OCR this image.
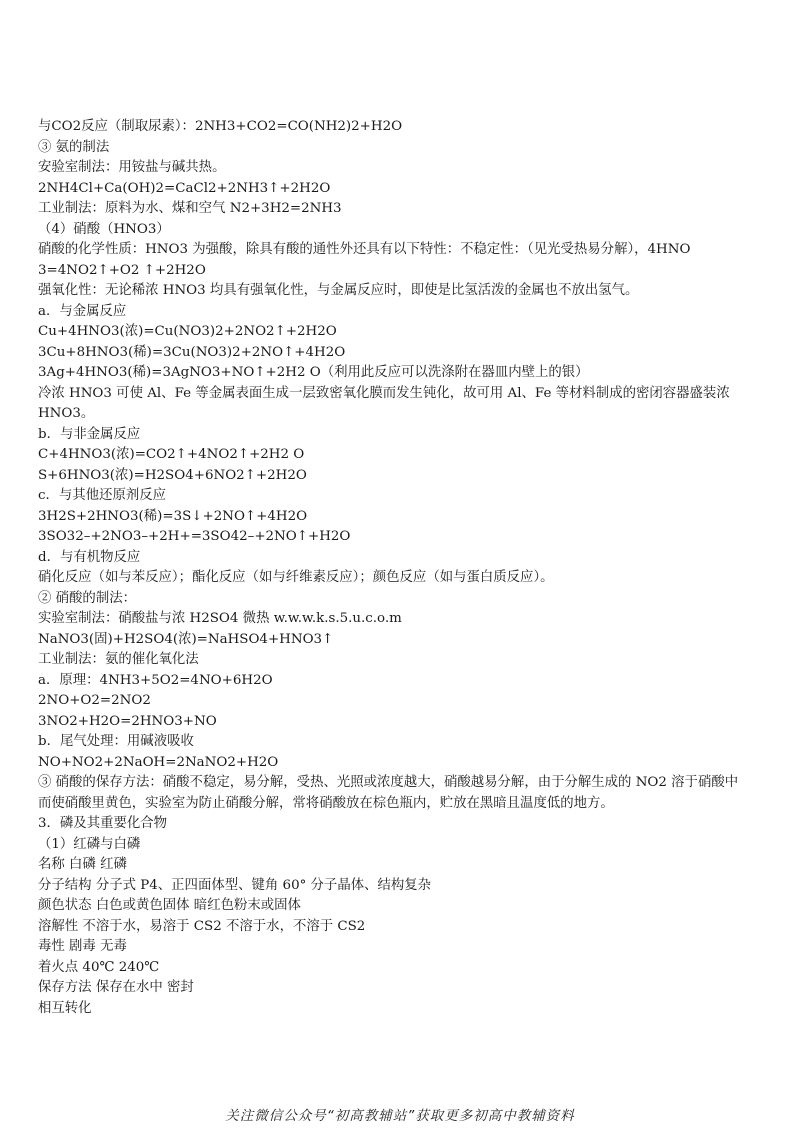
与CO2反应（制取尿素）：2NH3+CO2=CO(NH2)2+H2O
③ 氨的制法
安验室制法：用铵盐与碱共热。
2NH4Cl+Ca(OH)2=CaCl2+2NH3↑+2H2O
工业制法：原料为水、煤和空气 N2+3H2=2NH3
（4）硝酸（HNO3）
硝酸的化学性质：HNO3 为强酸，除具有酸的通性外还具有以下特性：不稳定性：（见光受热易分解），4HNO
3=4NO2↑+O2 ↑+2H2O
强氧化性：无论稀浓 HNO3 均具有强氧化性，与金属反应时，即使是比氢活泼的金属也不放出氢气。
a．与金属反应
Cu+4HNO3(浓)=Cu(NO3)2+2NO2↑+2H2O
3Cu+8HNO3(稀)=3Cu(NO3)2+2NO↑+4H2O
3Ag+4HNO3(稀)=3AgNO3+NO↑+2H2 O（利用此反应可以洗涤附在器皿内壁上的银）
冷浓 HNO3 可使 Al、Fe 等金属表面生成一层致密氧化膜而发生钝化，故可用 Al、Fe 等材料制成的密闭容器盛装浓
HNO3。
b．与非金属反应
C+4HNO3(浓)=CO2↑+4NO2↑+2H2 O
S+6HNO3(浓)=H2SO4+6NO2↑+2H2O
c．与其他还原剂反应
3H2S+2HNO3(稀)=3S↓+2NO↑+4H2O
3SO32–+2NO3–+2H+=3SO42–+2NO↑+H2O
d．与有机物反应
硝化反应（如与苯反应）；酯化反应（如与纤维素反应）；颜色反应（如与蛋白质反应）。
② 硝酸的制法：
实验室制法：硝酸盐与浓 H2SO4 微热 w.w.w.k.s.5.u.c.o.m
NaNO3(固)+H2SO4(浓)=NaHSO4+HNO3↑
工业制法：氨的催化氧化法
a．原理：4NH3+5O2=4NO+6H2O
2NO+O2=2NO2
3NO2+H2O=2HNO3+NO
b．尾气处理：用碱液吸收
NO+NO2+2NaOH=2NaNO2+H2O
③ 硝酸的保存方法：硝酸不稳定，易分解，受热、光照或浓度越大，硝酸越易分解，由于分解生成的 NO2 溶于硝酸中
而使硝酸里黄色，实验室为防止硝酸分解，常将硝酸放在棕色瓶内，贮放在黑暗且温度低的地方。
3．磷及其重要化合物
（1）红磷与白磷
名称 白磷 红磷
分子结构 分子式 P4、正四面体型、键角 60° 分子晶体、结构复杂
颜色状态 白色或黄色固体 暗红色粉末或固体
溶解性 不溶于水，易溶于 CS2 不溶于水，不溶于 CS2
毒性 剧毒 无毒
着火点 40℃ 240℃
保存方法 保存在水中 密封
相互转化
关注微信公众号“初高教辅站”获取更多初高中教辅资料
